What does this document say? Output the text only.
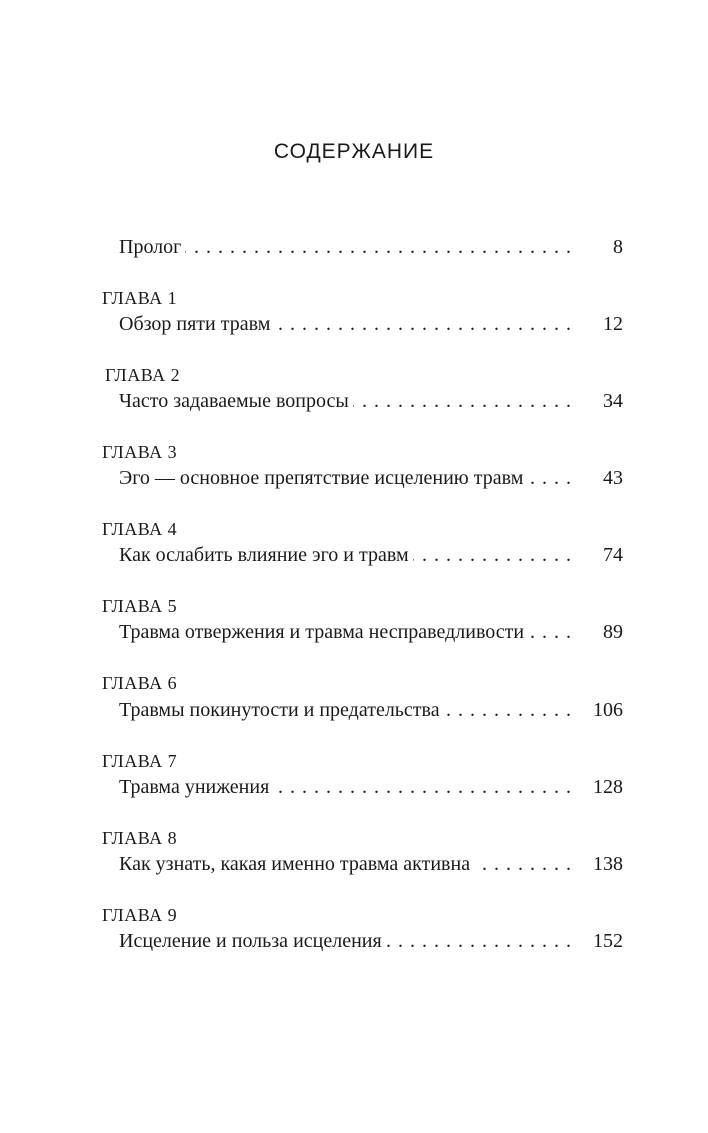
СОДЕРЖАНИЕ
Пролог . . .	8
ГЛАВА 1
Обзор пяти травм . . .	12
ГЛАВА 2
Часто задаваемые вопросы . . .	34
ГЛАВА 3
Эго — основное препятствие исцелению травм . . .	43
ГЛАВА 4
Как ослабить влияние эго и травм . . .	74
ГЛАВА 5
Травма отвержения и травма несправедливости . . .	89
ГЛАВА 6
Травмы покинутости и предательства . . .	106
ГЛАВА 7
Травма унижения . . .	128
ГЛАВА 8
Как узнать, какая именно травма активна . . .	138
ГЛАВА 9
Исцеление и польза исцеления . . .	152
